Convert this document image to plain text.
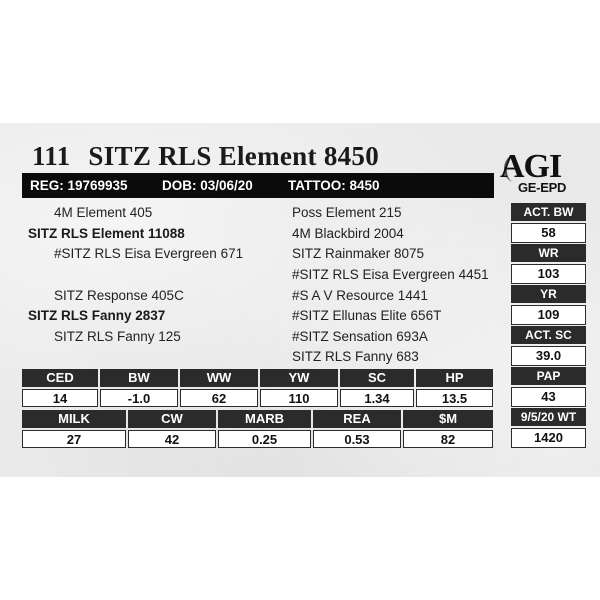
111 SITZ RLS Element 8450	AGI
GE-EPD
REG: 19769935	DOB: 03/06/20	TATTOO: 8450
4M Element 405
SITZ RLS Element 11088
#SITZ RLS Eisa Evergreen 671
SITZ Response 405C
SITZ RLS Fanny 2837
SITZ RLS Fanny 125
Poss Element 215
4M Blackbird 2004
SITZ Rainmaker 8075
#SITZ RLS Eisa Evergreen 4451
#S A V Resource 1441
#SITZ Ellunas Elite 656T
#SITZ Sensation 693A
SITZ RLS Fanny 683
ACT. BW
58
WR
103
YR
109
ACT. SC
39.0
PAP
43
9/5/20 WT
1420
CED	BW	WW	YW	SC	HP
14	-1.0	62	110	1.34	13.5
MILK	CW	MARB	REA	$M
27	42	0.25	0.53	82
